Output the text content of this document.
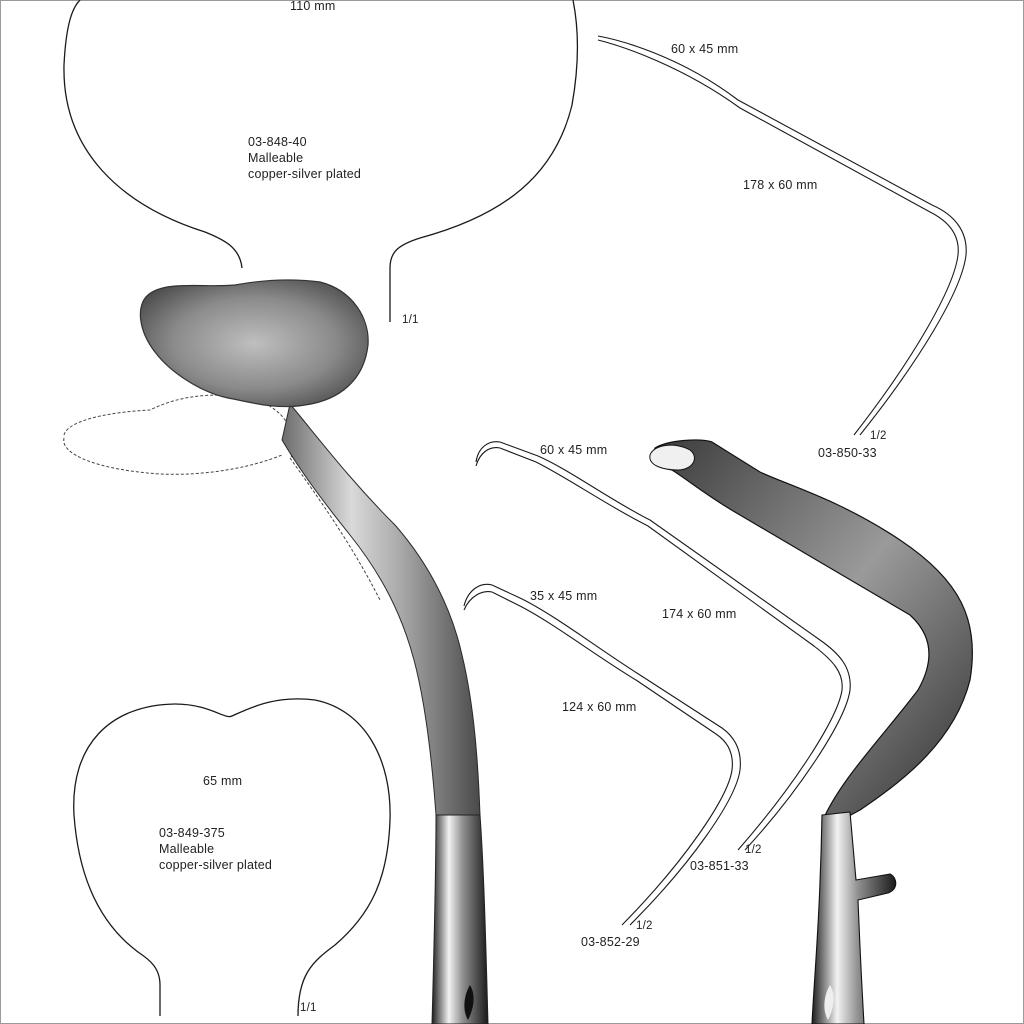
110 mm
03-848-40
Malleable
copper-silver plated
1/1
65 mm
03-849-375
Malleable
copper-silver plated
1/1
60 x 45 mm
178 x 60 mm
1/2
03-850-33
60 x 45 mm
174 x 60 mm
1/2
03-851-33
35 x 45 mm
124 x 60 mm
1/2
03-852-29
